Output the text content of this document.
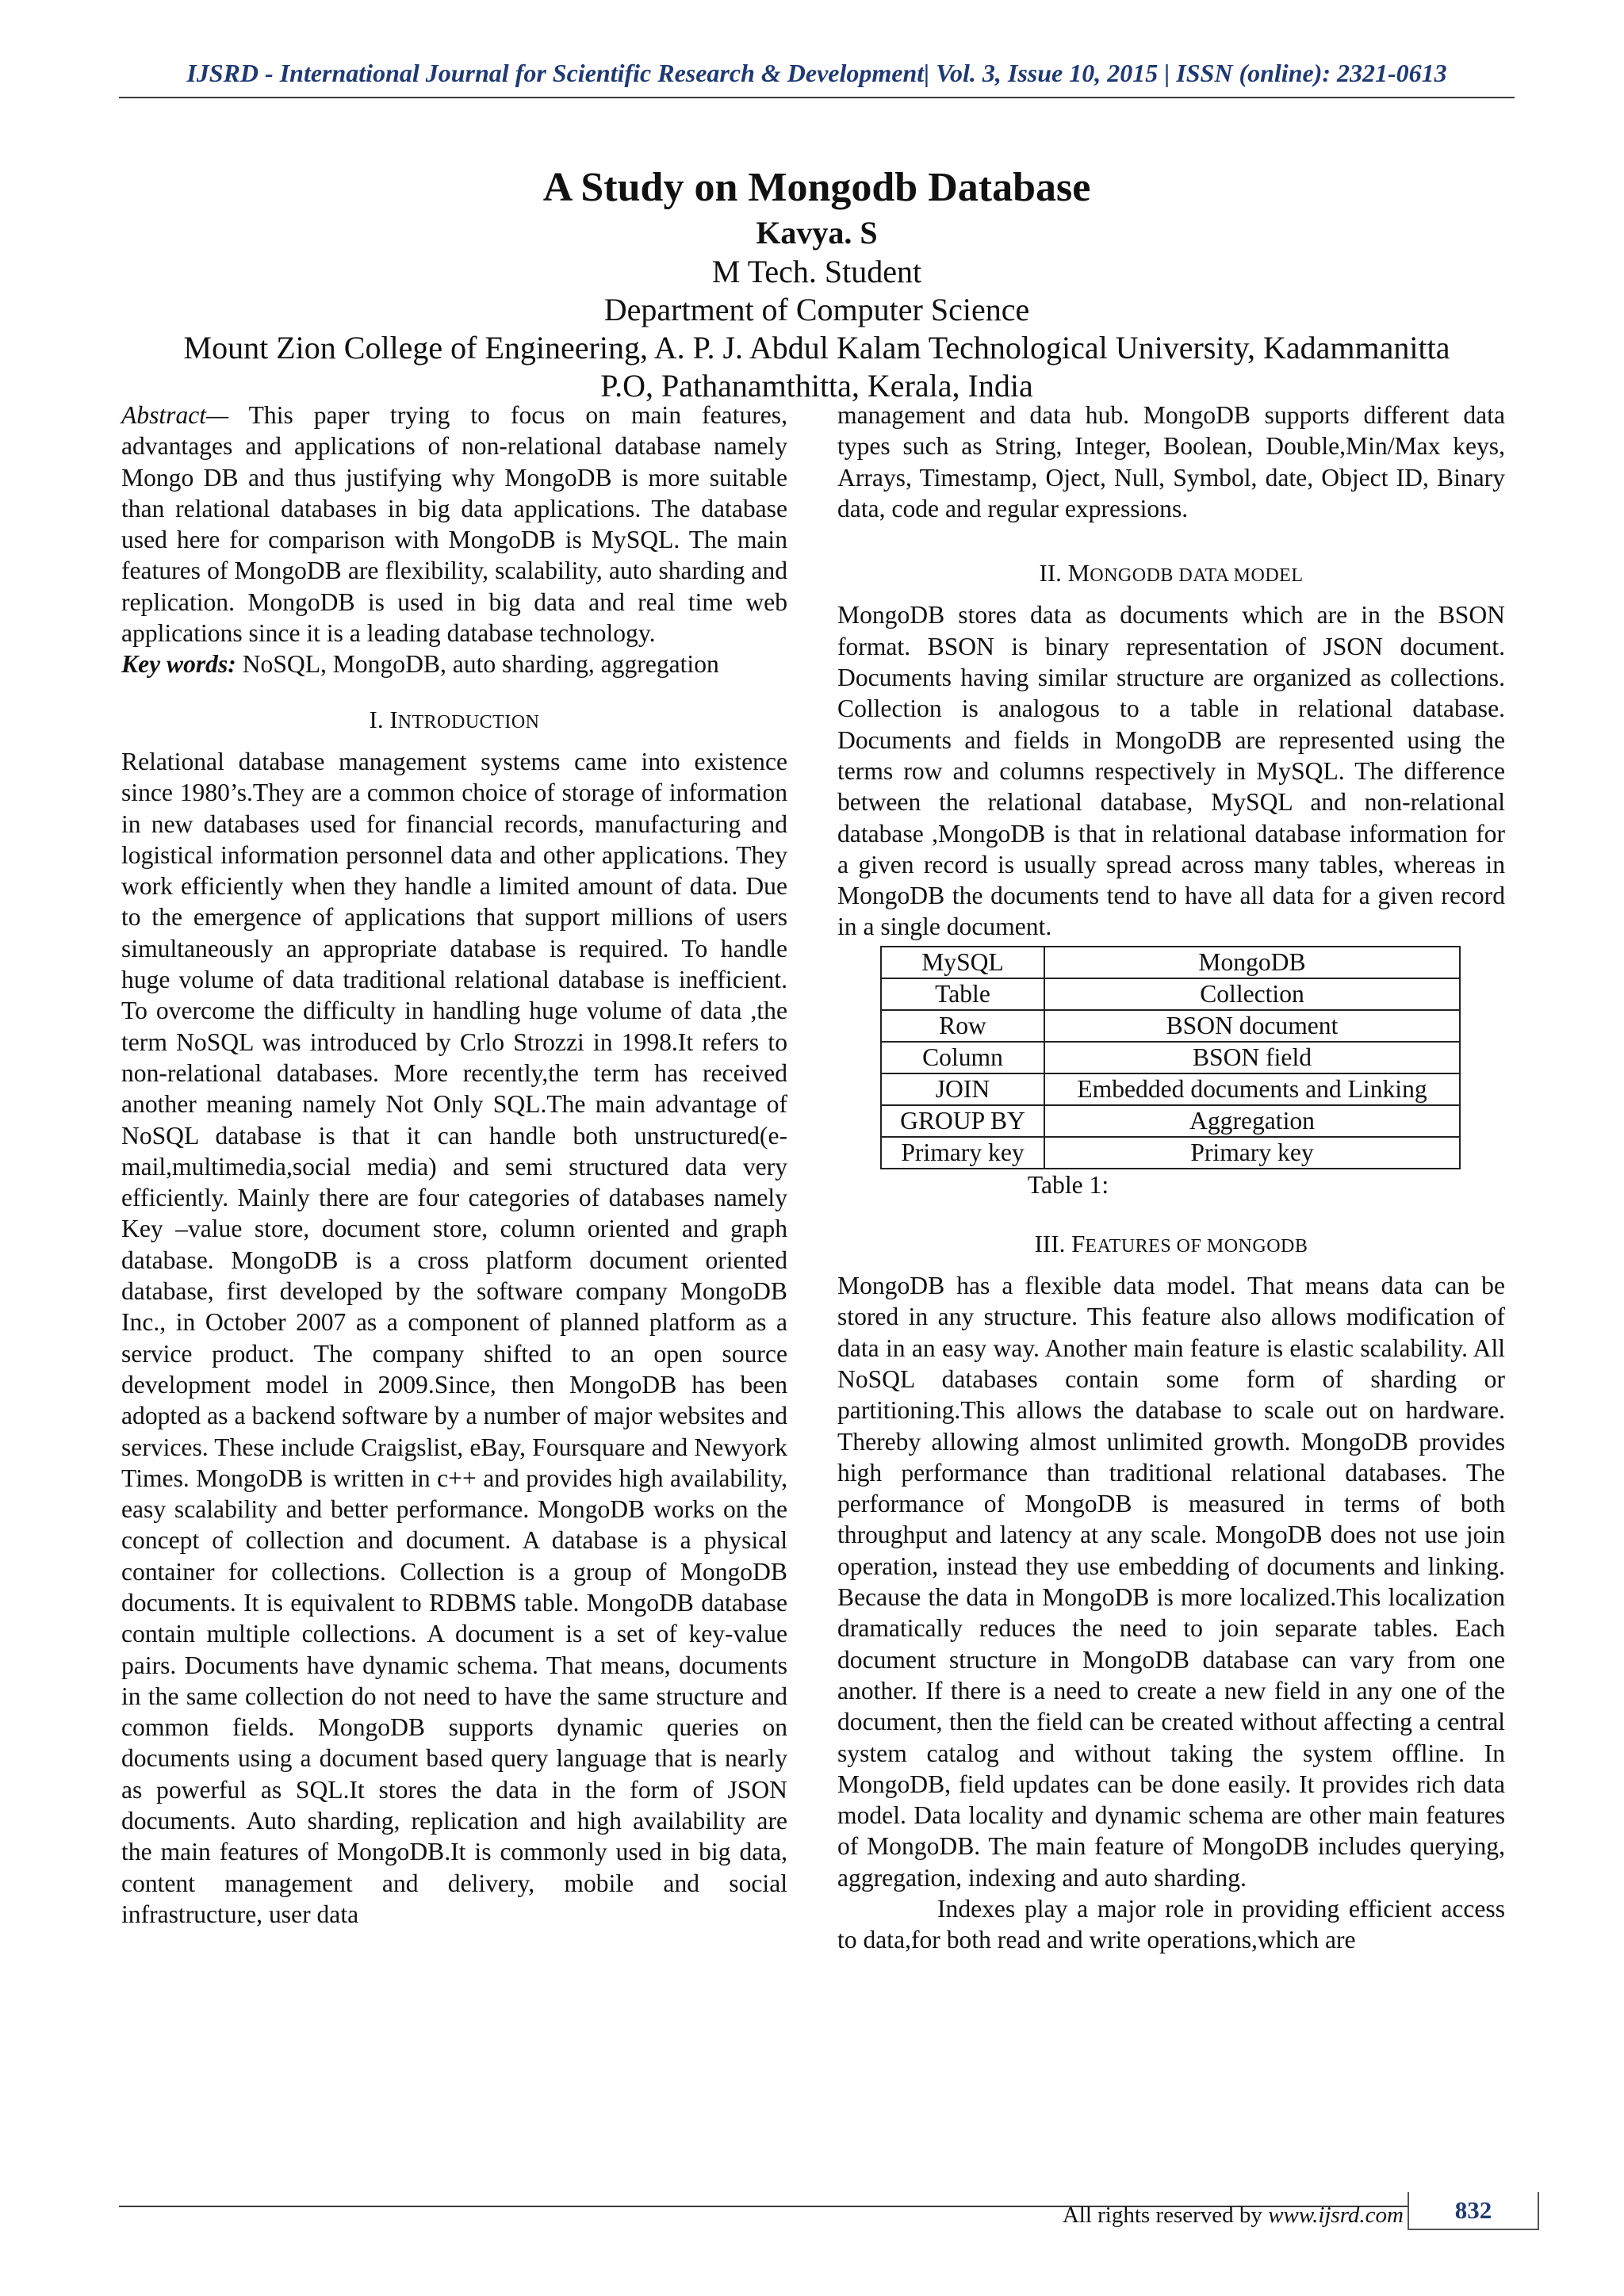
IJSRD - International Journal for Scientific Research & Development| Vol. 3, Issue 10, 2015 | ISSN (online): 2321-0613
A Study on Mongodb Database
Kavya. S
M Tech. Student
Department of Computer Science
Mount Zion College of Engineering, A. P. J. Abdul Kalam Technological University, Kadammanitta
P.O, Pathanamthitta, Kerala, India

Abstract— This paper trying to focus on main features, advantages and applications of non-relational database namely Mongo DB and thus justifying why MongoDB is more suitable than relational databases in big data applications. The database used here for comparison with MongoDB is MySQL. The main features of MongoDB are flexibility, scalability, auto sharding and replication. MongoDB is used in big data and real time web applications since it is a leading database technology.

Key words: NoSQL, MongoDB, auto sharding, aggregation

I. INTRODUCTION

Relational database management systems came into existence since 1980’s.They are a common choice of storage of information in new databases used for financial records, manufacturing and logistical information personnel data and other applications. They work efficiently when they handle a limited amount of data. Due to the emergence of applications that support millions of users simultaneously an appropriate database is required. To handle huge volume of data traditional relational database is inefficient. To overcome the difficulty in handling huge volume of data ,the term NoSQL was introduced by Crlo Strozzi in 1998.It refers to non-relational databases. More recently,the term has received another meaning namely Not Only SQL.The main advantage of NoSQL database is that it can handle both unstructured(e-mail,multimedia,social media) and semi structured data very efficiently. Mainly there are four categories of databases namely Key –value store, document store, column oriented and graph database. MongoDB is a cross platform document oriented database, first developed by the software company MongoDB Inc., in October 2007 as a component of planned platform as a service product. The company shifted to an open source development model in 2009.Since, then MongoDB has been adopted as a backend software by a number of major websites and services. These include Craigslist, eBay, Foursquare and Newyork Times. MongoDB is written in c++ and provides high availability, easy scalability and better performance. MongoDB works on the concept of collection and document. A database is a physical container for collections. Collection is a group of MongoDB documents. It is equivalent to RDBMS table. MongoDB database contain multiple collections. A document is a set of key-value pairs. Documents have dynamic schema. That means, documents in the same collection do not need to have the same structure and common fields. MongoDB supports dynamic queries on documents using a document based query language that is nearly as powerful as SQL.It stores the data in the form of JSON documents. Auto sharding, replication and high availability are the main features of MongoDB.It is commonly used in big data, content management and delivery, mobile and social infrastructure, user data

management and data hub. MongoDB supports different data types such as String, Integer, Boolean, Double,Min/Max keys, Arrays, Timestamp, Oject, Null, Symbol, date, Object ID, Binary data, code and regular expressions.

II. MONGODB DATA MODEL

MongoDB stores data as documents which are in the BSON format. BSON is binary representation of JSON document. Documents having similar structure are organized as collections. Collection is analogous to a table in relational database. Documents and fields in MongoDB are represented using the terms row and columns respectively in MySQL. The difference between the relational database, MySQL and non-relational database ,MongoDB is that in relational database information for a given record is usually spread across many tables, whereas in MongoDB the documents tend to have all data for a given record in a single document.

MySQL	MongoDB
Table	Collection
Row	BSON document
Column	BSON field
JOIN	Embedded documents and Linking
GROUP BY	Aggregation
Primary key	Primary key
Table 1:
III. FEATURES OF MONGODB

MongoDB has a flexible data model. That means data can be stored in any structure. This feature also allows modification of data in an easy way. Another main feature is elastic scalability. All NoSQL databases contain some form of sharding or partitioning.This allows the database to scale out on hardware. Thereby allowing almost unlimited growth. MongoDB provides high performance than traditional relational databases. The performance of MongoDB is measured in terms of both throughput and latency at any scale. MongoDB does not use join operation, instead they use embedding of documents and linking. Because the data in MongoDB is more localized.This localization dramatically reduces the need to join separate tables. Each document structure in MongoDB database can vary from one another. If there is a need to create a new field in any one of the document, then the field can be created without affecting a central system catalog and without taking the system offline. In MongoDB, field updates can be done easily. It provides rich data model. Data locality and dynamic schema are other main features of MongoDB. The main feature of MongoDB includes querying, aggregation, indexing and auto sharding.

Indexes play a major role in providing efficient access to data,for both read and write operations,which are

All rights reserved by www.ijsrd.com	832
